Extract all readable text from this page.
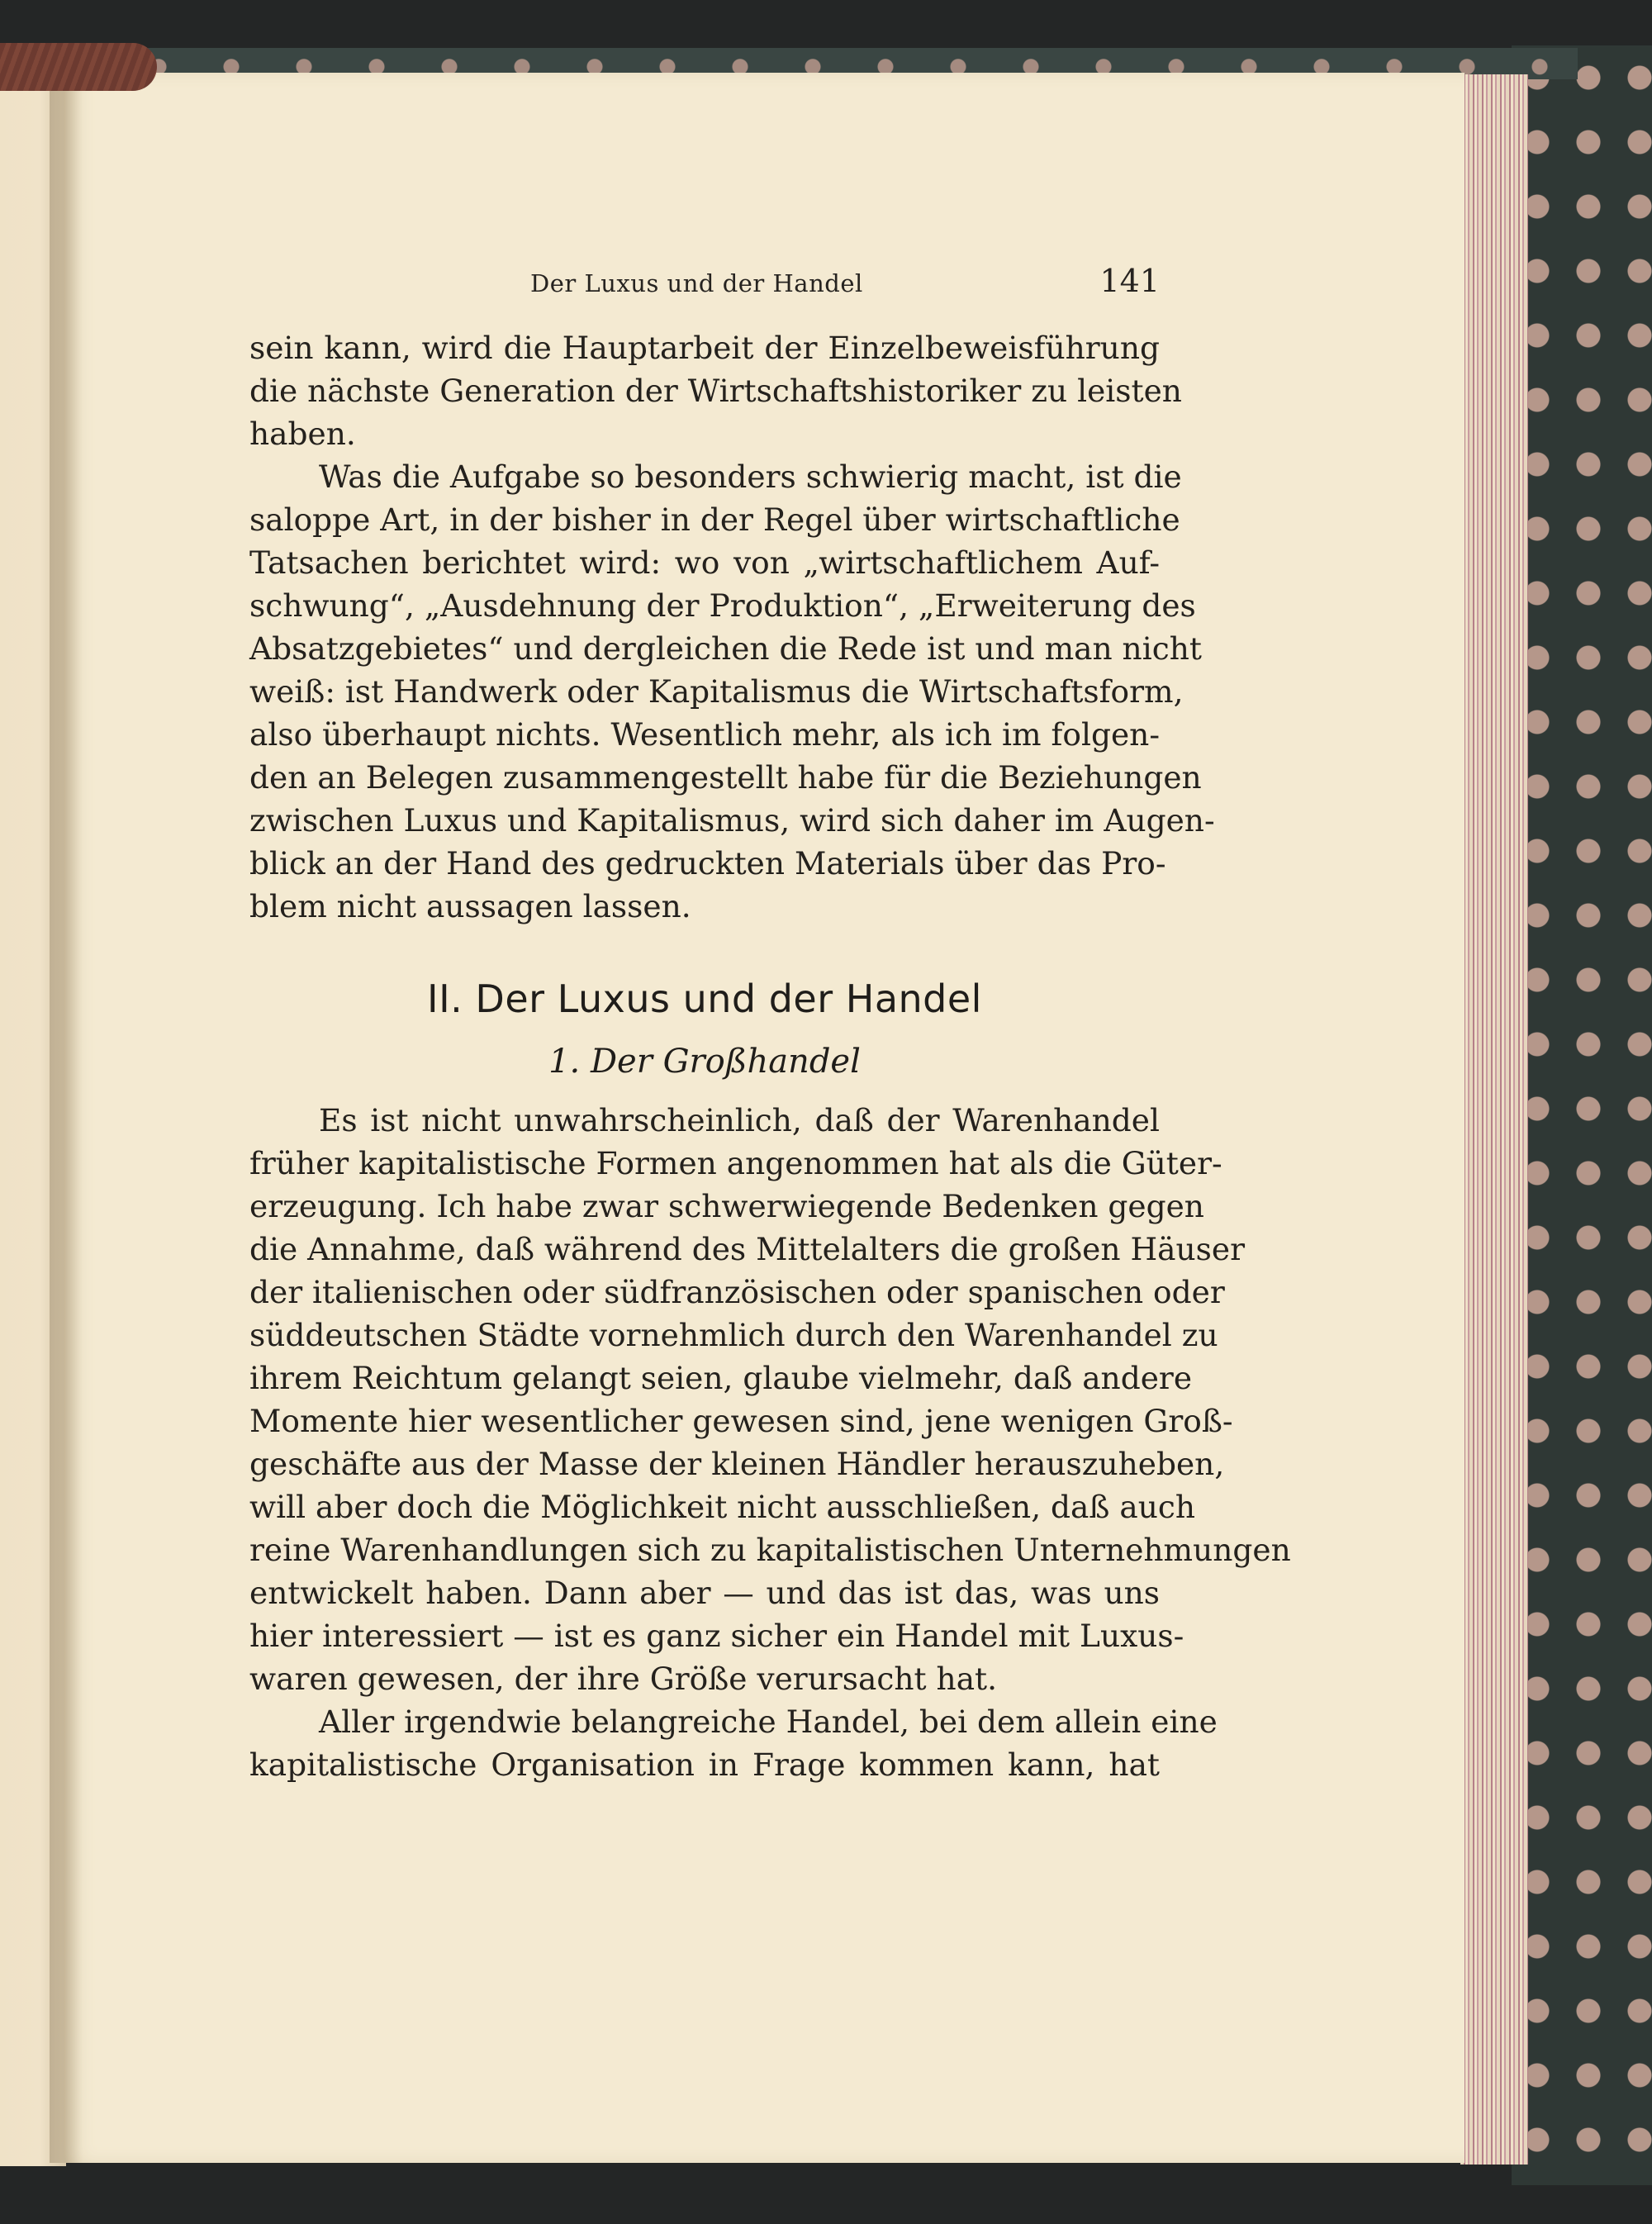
Der Luxus und der Handel	141
sein kann, wird die Hauptarbeit der Einzelbeweisführung
die nächste Generation der Wirtschaftshistoriker zu leisten
haben.
Was die Aufgabe so besonders schwierig macht, ist die
saloppe Art, in der bisher in der Regel über wirtschaftliche
Tatsachen berichtet wird: wo von „wirtschaftlichem Auf-
schwung“, „Ausdehnung der Produktion“, „Erweiterung des
Absatzgebietes“ und dergleichen die Rede ist und man nicht
weiß: ist Handwerk oder Kapitalismus die Wirtschaftsform,
also überhaupt nichts. Wesentlich mehr, als ich im folgen-
den an Belegen zusammengestellt habe für die Beziehungen
zwischen Luxus und Kapitalismus, wird sich daher im Augen-
blick an der Hand des gedruckten Materials über das Pro-
blem nicht aussagen lassen.
II. Der Luxus und der Handel
1. Der Großhandel
Es ist nicht unwahrscheinlich, daß der Warenhandel
früher kapitalistische Formen angenommen hat als die Güter-
erzeugung. Ich habe zwar schwerwiegende Bedenken gegen
die Annahme, daß während des Mittelalters die großen Häuser
der italienischen oder südfranzösischen oder spanischen oder
süddeutschen Städte vornehmlich durch den Warenhandel zu
ihrem Reichtum gelangt seien, glaube vielmehr, daß andere
Momente hier wesentlicher gewesen sind, jene wenigen Groß-
geschäfte aus der Masse der kleinen Händler herauszuheben,
will aber doch die Möglichkeit nicht ausschließen, daß auch
reine Warenhandlungen sich zu kapitalistischen Unternehmungen
entwickelt haben. Dann aber — und das ist das, was uns
hier interessiert — ist es ganz sicher ein Handel mit Luxus-
waren gewesen, der ihre Größe verursacht hat.
Aller irgendwie belangreiche Handel, bei dem allein eine
kapitalistische Organisation in Frage kommen kann, hat
